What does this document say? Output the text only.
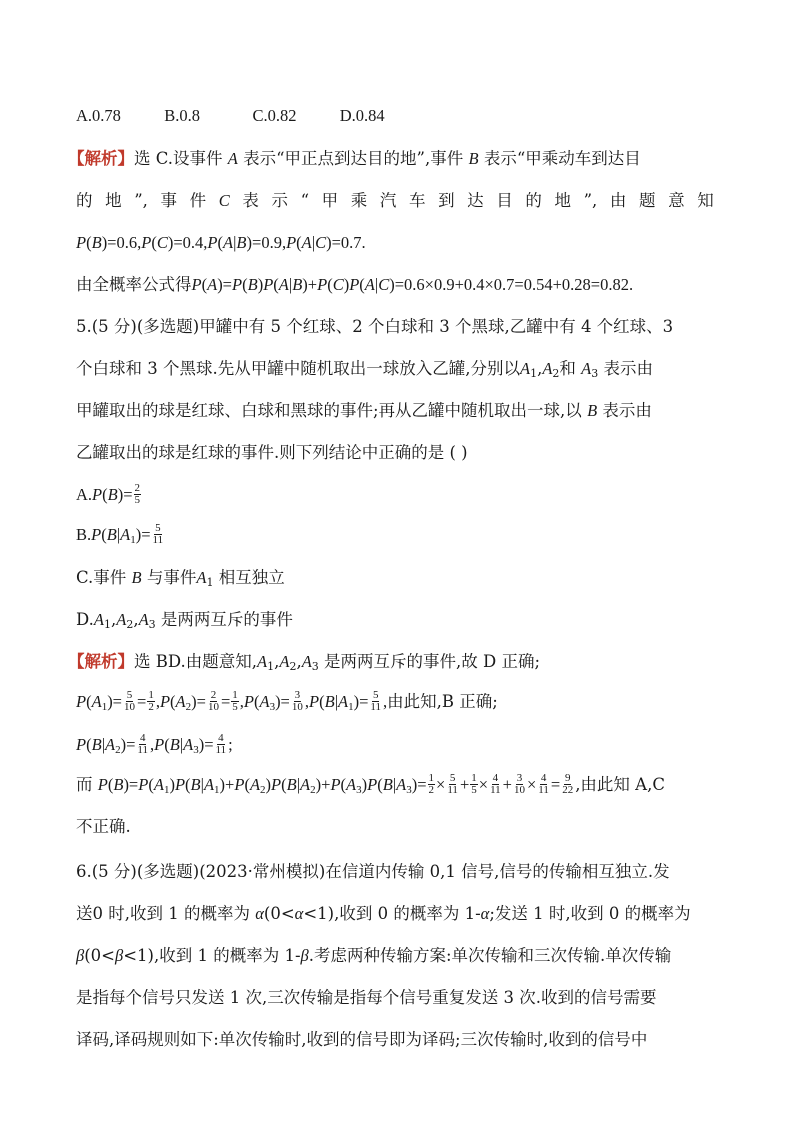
A.0.78	B.0.8	C.0.82	D.0.84
【解析】选 C.设事件 A 表示“甲正点到达目的地”,事件 B 表示“甲乘动车到达目
的 地 ”, 事 件 C 表 示 “ 甲 乘 汽 车 到 达 目 的 地 ”, 由 题 意 知
P(B)=0.6,P(C)=0.4,P(A|B)=0.9,P(A|C)=0.7.
由全概率公式得P(A)=P(B)P(A|B)+P(C)P(A|C)=0.6×0.9+0.4×0.7=0.54+0.28=0.82.
5.(5 分)(多选题)甲罐中有 5 个红球、2 个白球和 3 个黑球,乙罐中有 4 个红球、3
个白球和 3 个黑球.先从甲罐中随机取出一球放入乙罐,分别以$A_1,A_2$和 $A_3$ 表示由
甲罐取出的球是红球、白球和黑球的事件;再从乙罐中随机取出一球,以 B 表示由
乙罐取出的球是红球的事件.则下列结论中正确的是 ( )
$A.P(B)= \frac{2}{5}$
$B.P(B|A_1)= \frac{5}{11}$
C.事件 B 与事件$A_1$ 相互独立
$D.A_1,A_2,A_3$ 是两两互斥的事件
【解析】选 BD.由题意知$,A_1,A_2,A_3$ 是两两互斥的事件,故 D 正确;
$P(A_1)= \frac{5}{10} = \frac{1}{2} ,P(A_2)= \frac{2}{10} = \frac{1}{5} ,P(A_3)= \frac{3}{10} ,P(B|A_1)= \frac{5}{11}$ ,由此知,B 正确;
$P(B|A_2)= \frac{4}{11} ,P(B|A_3)= \frac{4}{11}$ ;
而 $P(B)=P(A_1)P(B|A_1)+P(A_2)P(B|A_2)+P(A_3)P(B|A_3)= \frac{1}{2} \times \frac{5}{11} + \frac{1}{5} \times \frac{4}{11} + \frac{3}{10} \times \frac{4}{11} = \frac{9}{22}$ ,由此知 A,C
不正确.
6.(5 分)(多选题)(2023·常州模拟)在信道内传输 0,1 信号,信号的传输相互独立.发
送0 时,收到 1 的概率为 α(0<α<1),收到 0 的概率为 1-α;发送 1 时,收到 0 的概率为
β(0<β<1),收到 1 的概率为 1-β.考虑两种传输方案:单次传输和三次传输.单次传输
是指每个信号只发送 1 次,三次传输是指每个信号重复发送 3 次.收到的信号需要
译码,译码规则如下:单次传输时,收到的信号即为译码;三次传输时,收到的信号中
